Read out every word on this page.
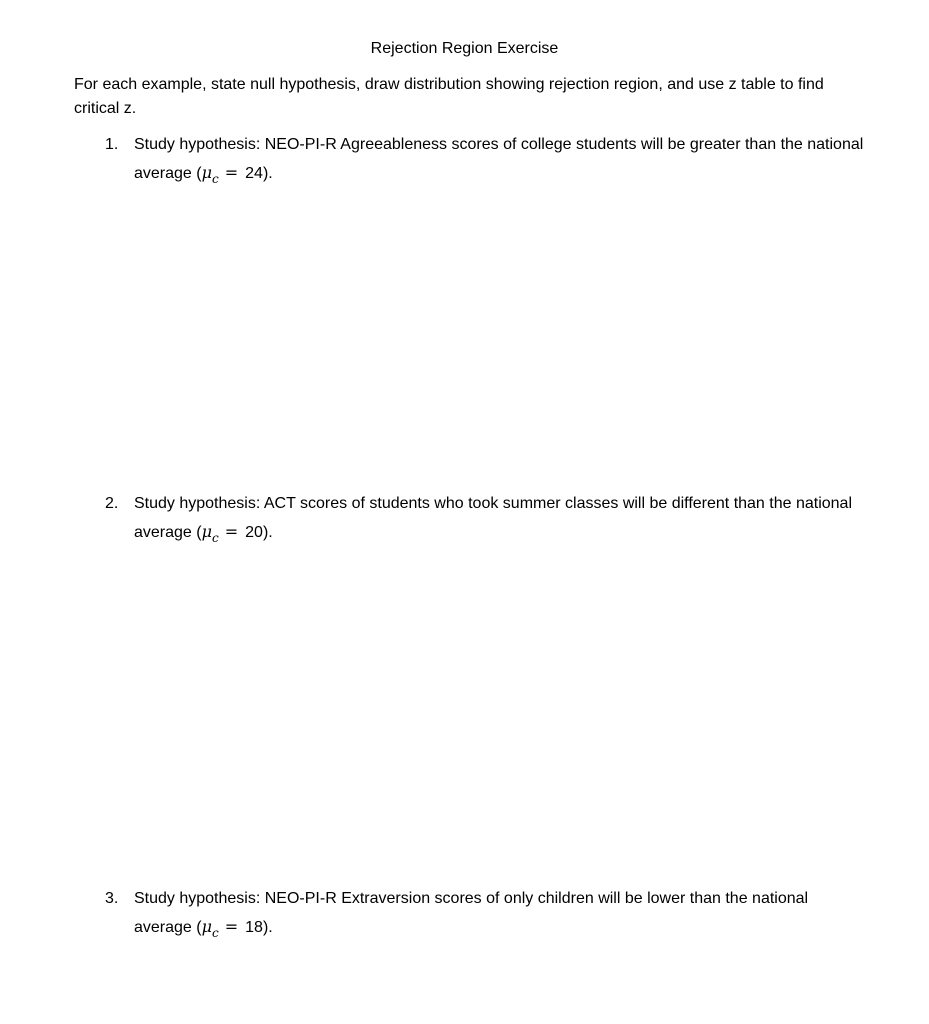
Rejection Region Exercise
For each example, state null hypothesis, draw distribution showing rejection region, and use z table to find critical z.
1. Study hypothesis: NEO-PI-R Agreeableness scores of college students will be greater than the national average $(\mu_c = 24)$.
2. Study hypothesis: ACT scores of students who took summer classes will be different than the national average $(\mu_c = 20)$.
3. Study hypothesis: NEO-PI-R Extraversion scores of only children will be lower than the national average $(\mu_c = 18)$.
